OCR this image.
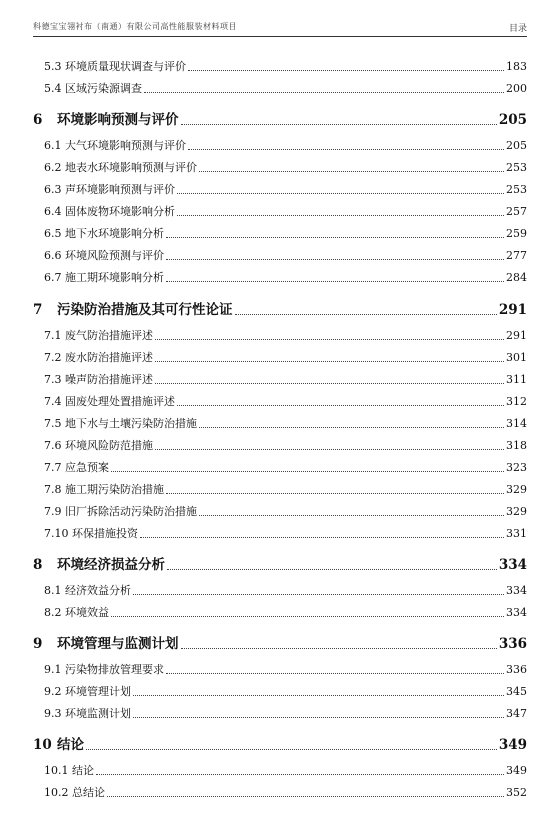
科德宝宝翎衬布（南通）有限公司高性能服装材料项目	目录
5.3 环境质量现状调查与评价	183
5.4 区域污染源调查	200
6	环境影响预测与评价	205
6.1 大气环境影响预测与评价	205
6.2 地表水环境影响预测与评价	253
6.3 声环境影响预测与评价	253
6.4 固体废物环境影响分析	257
6.5 地下水环境影响分析	259
6.6 环境风险预测与评价	277
6.7 施工期环境影响分析	284
7	污染防治措施及其可行性论证	291
7.1 废气防治措施评述	291
7.2 废水防治措施评述	301
7.3 噪声防治措施评述	311
7.4 固废处理处置措施评述	312
7.5 地下水与土壤污染防治措施	314
7.6 环境风险防范措施	318
7.7 应急预案	323
7.8 施工期污染防治措施	329
7.9 旧厂拆除活动污染防治措施	329
7.10 环保措施投资	331
8	环境经济损益分析	334
8.1 经济效益分析	334
8.2 环境效益	334
9	环境管理与监测计划	336
9.1 污染物排放管理要求	336
9.2 环境管理计划	345
9.3 环境监测计划	347
10 结论	349
10.1 结论	349
10.2 总结论	352
